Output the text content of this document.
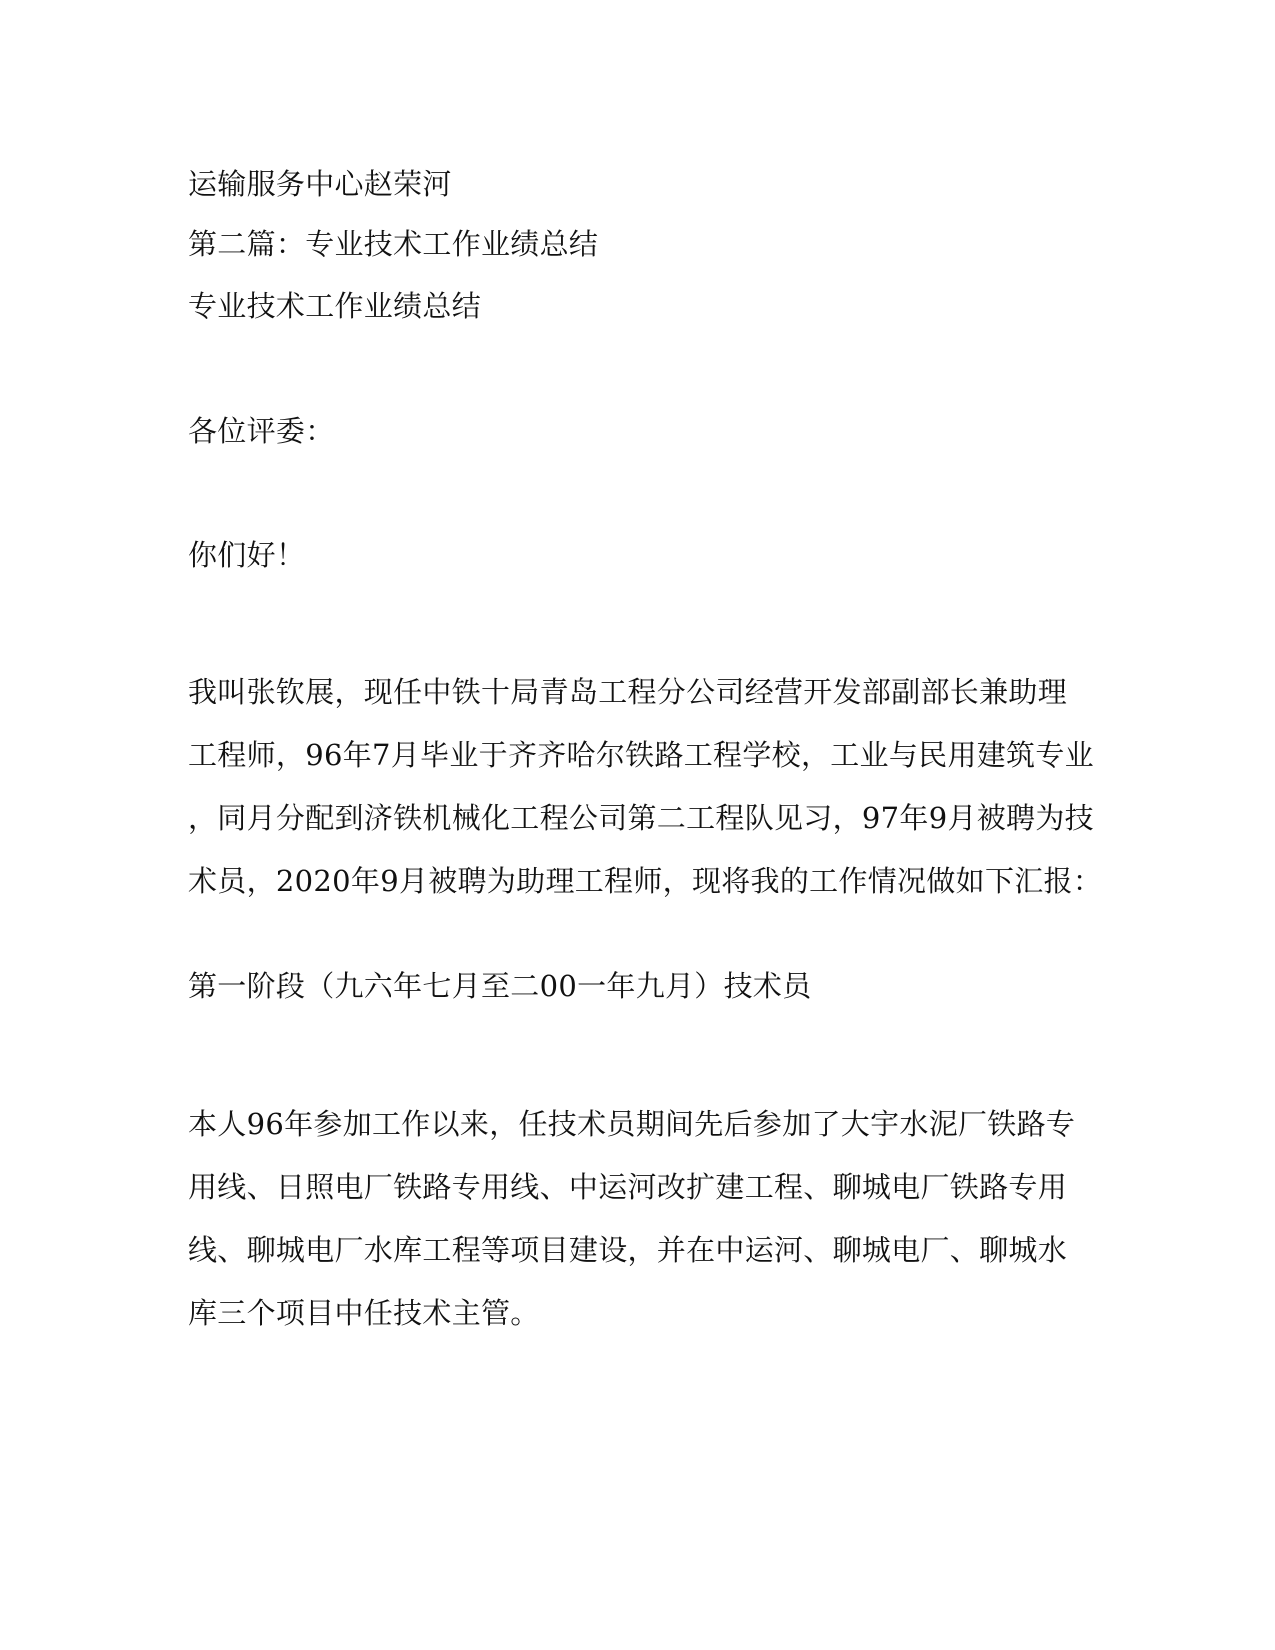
运输服务中心赵荣河
第二篇：专业技术工作业绩总结
专业技术工作业绩总结
各位评委：
你们好！
我叫张钦展，现任中铁十局青岛工程分公司经营开发部副部长兼助理
工程师，96年7月毕业于齐齐哈尔铁路工程学校，工业与民用建筑专业
，同月分配到济铁机械化工程公司第二工程队见习，97年9月被聘为技
术员，2020年9月被聘为助理工程师，现将我的工作情况做如下汇报：
第一阶段（九六年七月至二00一年九月）技术员
本人96年参加工作以来，任技术员期间先后参加了大宇水泥厂铁路专
用线、日照电厂铁路专用线、中运河改扩建工程、聊城电厂铁路专用
线、聊城电厂水库工程等项目建设，并在中运河、聊城电厂、聊城水
库三个项目中任技术主管。
